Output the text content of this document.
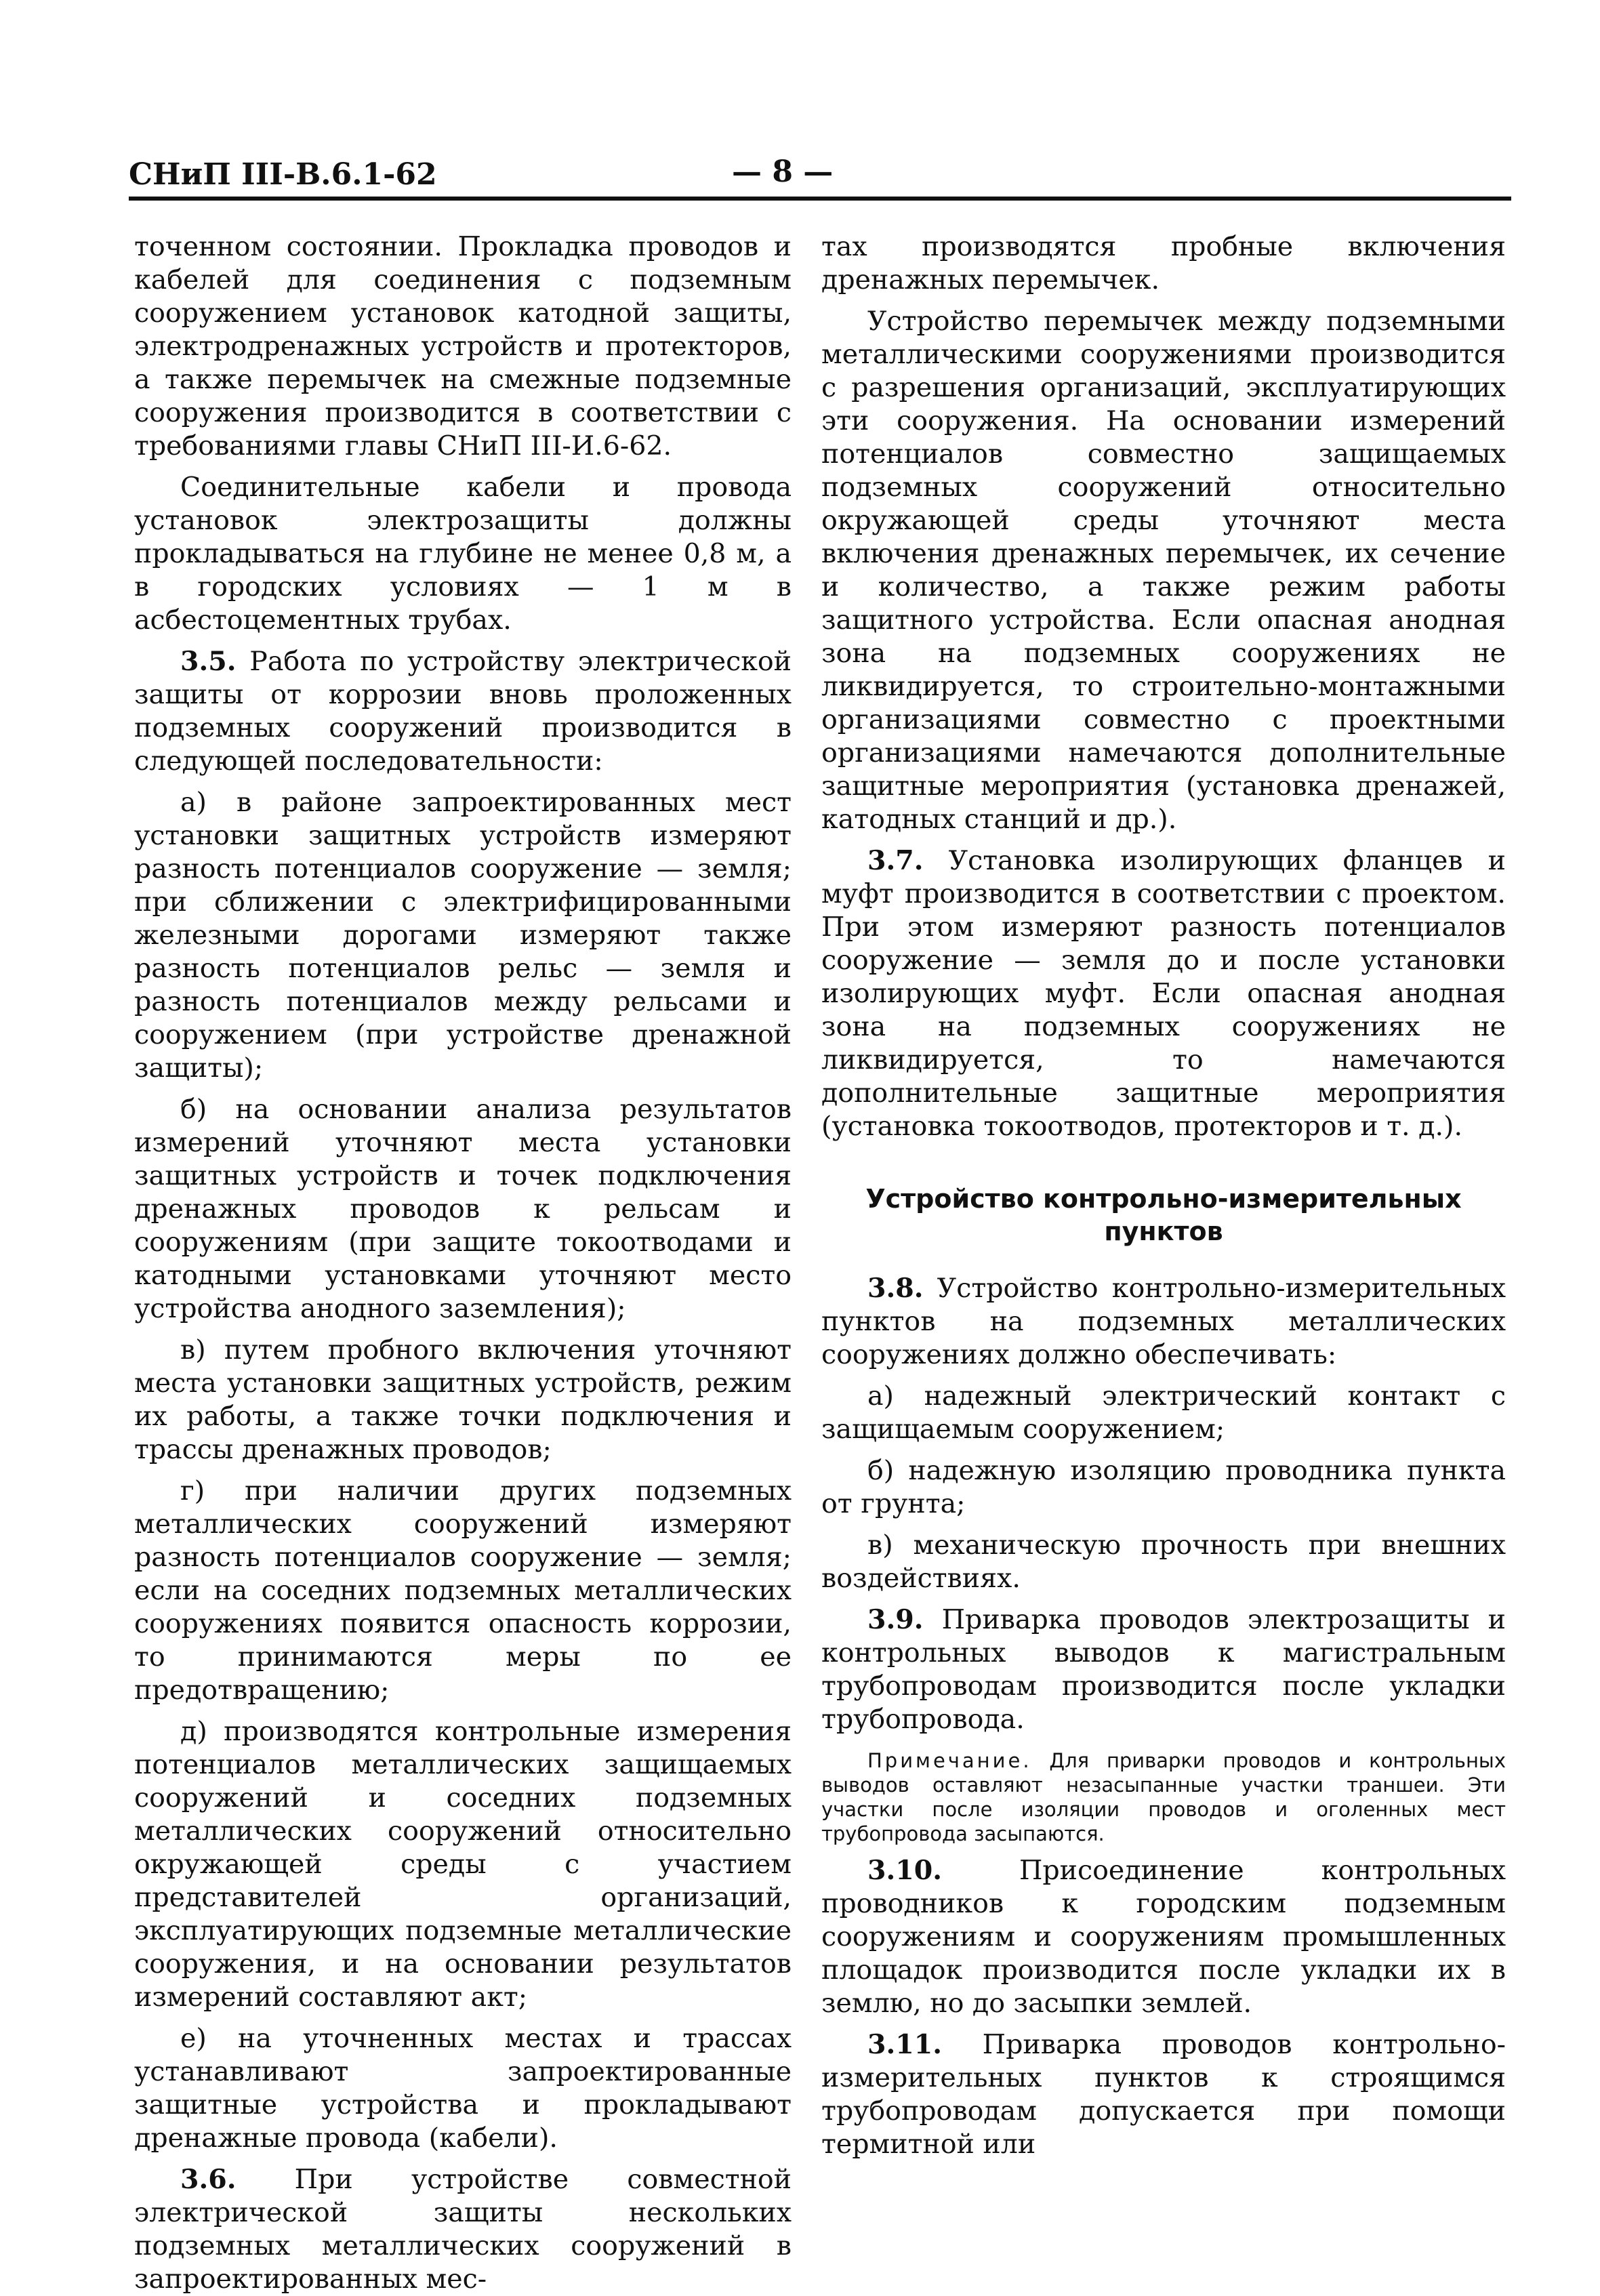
СНиП III-В.6.1-62	— 8 —

точенном состоянии. Прокладка проводов и кабелей для соединения с подземным сооружением установок катодной защиты, электродренажных устройств и протекторов, а также перемычек на смежные подземные сооружения производится в соответствии с требованиями главы СНиП III-И.6-62.

Соединительные кабели и провода установок электрозащиты должны прокладываться на глубине не менее 0,8 м, а в городских условиях — 1 м в асбестоцементных трубах.

3.5. Работа по устройству электрической защиты от коррозии вновь проложенных подземных сооружений производится в следующей последовательности:

а) в районе запроектированных мест установки защитных устройств измеряют разность потенциалов сооружение — земля; при сближении с электрифицированными железными дорогами измеряют также разность потенциалов рельс — земля и разность потенциалов между рельсами и сооружением (при устройстве дренажной защиты);

б) на основании анализа результатов измерений уточняют места установки защитных устройств и точек подключения дренажных проводов к рельсам и сооружениям (при защите токоотводами и катодными установками уточняют место устройства анодного заземления);

в) путем пробного включения уточняют места установки защитных устройств, режим их работы, а также точки подключения и трассы дренажных проводов;

г) при наличии других подземных металлических сооружений измеряют разность потенциалов сооружение — земля; если на соседних подземных металлических сооружениях появится опасность коррозии, то принимаются меры по ее предотвращению;

д) производятся контрольные измерения потенциалов металлических защищаемых сооружений и соседних подземных металлических сооружений относительно окружающей среды с участием представителей организаций, эксплуатирующих подземные металлические сооружения, и на основании результатов измерений составляют акт;

е) на уточненных местах и трассах устанавливают запроектированные защитные устройства и прокладывают дренажные провода (кабели).

3.6. При устройстве совместной электрической защиты нескольких подземных металлических сооружений в запроектированных мес-

тах производятся пробные включения дренажных перемычек.

Устройство перемычек между подземными металлическими сооружениями производится с разрешения организаций, эксплуатирующих эти сооружения. На основании измерений потенциалов совместно защищаемых подземных сооружений относительно окружающей среды уточняют места включения дренажных перемычек, их сечение и количество, а также режим работы защитного устройства. Если опасная анодная зона на подземных сооружениях не ликвидируется, то строительно-монтажными организациями совместно с проектными организациями намечаются дополнительные защитные мероприятия (установка дренажей, катодных станций и др.).

3.7. Установка изолирующих фланцев и муфт производится в соответствии с проектом. При этом измеряют разность потенциалов сооружение — земля до и после установки изолирующих муфт. Если опасная анодная зона на подземных сооружениях не ликвидируется, то намечаются дополнительные защитные мероприятия (установка токоотводов, протекторов и т. д.).

Устройство контрольно-измерительных пунктов

3.8. Устройство контрольно-измерительных пунктов на подземных металлических сооружениях должно обеспечивать:

а) надежный электрический контакт с защищаемым сооружением;

б) надежную изоляцию проводника пункта от грунта;

в) механическую прочность при внешних воздействиях.

3.9. Приварка проводов электрозащиты и контрольных выводов к магистральным трубопроводам производится после укладки трубопровода.

Примечание. Для приварки проводов и контрольных выводов оставляют незасыпанные участки траншеи. Эти участки после изоляции проводов и оголенных мест трубопровода засыпаются.

3.10. Присоединение контрольных проводников к городским подземным сооружениям и сооружениям промышленных площадок производится после укладки их в землю, но до засыпки землей.

3.11. Приварка проводов контрольно-измерительных пунктов к строящимся трубопроводам допускается при помощи термитной или
